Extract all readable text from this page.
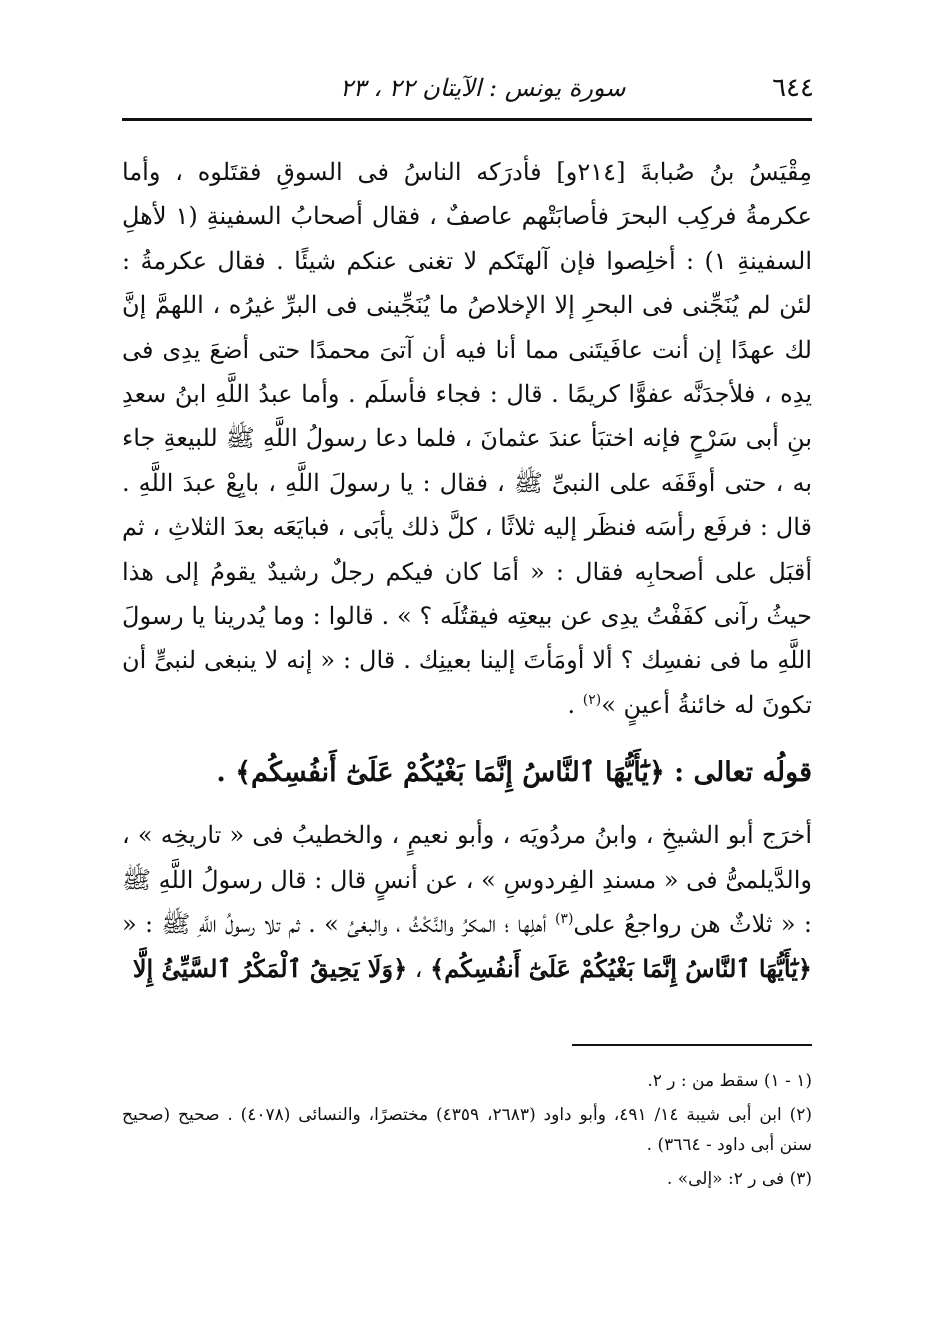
٦٤٤
سورة يونس : الآيتان ٢٢ ، ٢٣

مِقْيَسُ بنُ صُبابةَ [٢١٤و] فأدرَكه الناسُ فى السوقِ فقتَلوه ، وأما عكرمةُ فركِب البحرَ فأصابَتْهم عاصفٌ ، فقال أصحابُ السفينةِ (١ لأهلِ السفينةِ ١) : أخلِصوا فإن آلهتَكم لا تغنى عنكم شيئًا . فقال عكرمةُ : لئن لم يُنَجِّنى فى البحرِ إلا الإخلاصُ ما يُنَجِّينى فى البرِّ غيرُه ، اللهمَّ إنَّ لك عهدًا إن أنت عافَيتَنى مما أنا فيه أن آتىَ محمدًا حتى أضعَ يدِى فى يدِه ، فلأجدَنَّه عفوًّا كريمًا . قال : فجاء فأسلَم . وأما عبدُ اللَّهِ ابنُ سعدِ بنِ أبى سَرْحٍ فإنه اختبَأ عندَ عثمانَ ، فلما دعا رسولُ اللَّهِ ﷺ للبيعةِ جاء به ، حتى أوقَفَه على النبىِّ ﷺ ، فقال : يا رسولَ اللَّهِ ، بايِعْ عبدَ اللَّهِ . قال : فرفَع رأسَه فنظَر إليه ثلاثًا ، كلَّ ذلك يأبَى ، فبايَعَه بعدَ الثلاثِ ، ثم أقبَل على أصحابِه فقال : « أمَا كان فيكم رجلٌ رشيدٌ يقومُ إلى هذا حيثُ رآنى كفَفْتُ يدِى عن بيعتِه فيقتُلَه ؟ » . قالوا : وما يُدرينا يا رسولَ اللَّهِ ما فى نفسِك ؟ ألا أومَأتَ إلينا بعينِك . قال : « إنه لا ينبغى لنبىٍّ أن تكونَ له خائنةُ أعينٍ »$^{(٢)}$ .

قولُه تعالى : ﴿يَٰٓأَيُّهَا ٱلنَّاسُ إِنَّمَا بَغْيُكُمْ عَلَىٰٓ أَنفُسِكُم﴾ .

أخرَج أبو الشيخِ ، وابنُ مردُويَه ، وأبو نعيمٍ ، والخطيبُ فى « تاريخِه » ، والدَّيلمىُّ فى « مسندِ الفِردوسِ » ، عن أنسٍ قال : قال رسولُ اللَّهِ ﷺ : « ثلاثٌ هن رواجعُ على$^{(٣)}$ أهلِها ؛ المكرُ والنَّكْثُ ، والبغىُ » . ثم تلا رسولُ اللَّهِ ﷺ : « ﴿يَٰٓأَيُّهَا ٱلنَّاسُ إِنَّمَا بَغْيُكُمْ عَلَىٰٓ أَنفُسِكُم﴾ ، ﴿وَلَا يَحِيقُ ٱلْمَكْرُ ٱلسَّيِّئُ إِلَّا

(١ - ١) سقط من : ر ٢.

(٢) ابن أبى شيبة ١٤/ ٤٩١، وأبو داود (٢٦٨٣، ٤٣٥٩) مختصرًا، والنسائى (٤٠٧٨) . صحيح (صحيح سنن أبى داود - ٣٦٦٤) .

(٣) فى ر ٢: «إلى» .
